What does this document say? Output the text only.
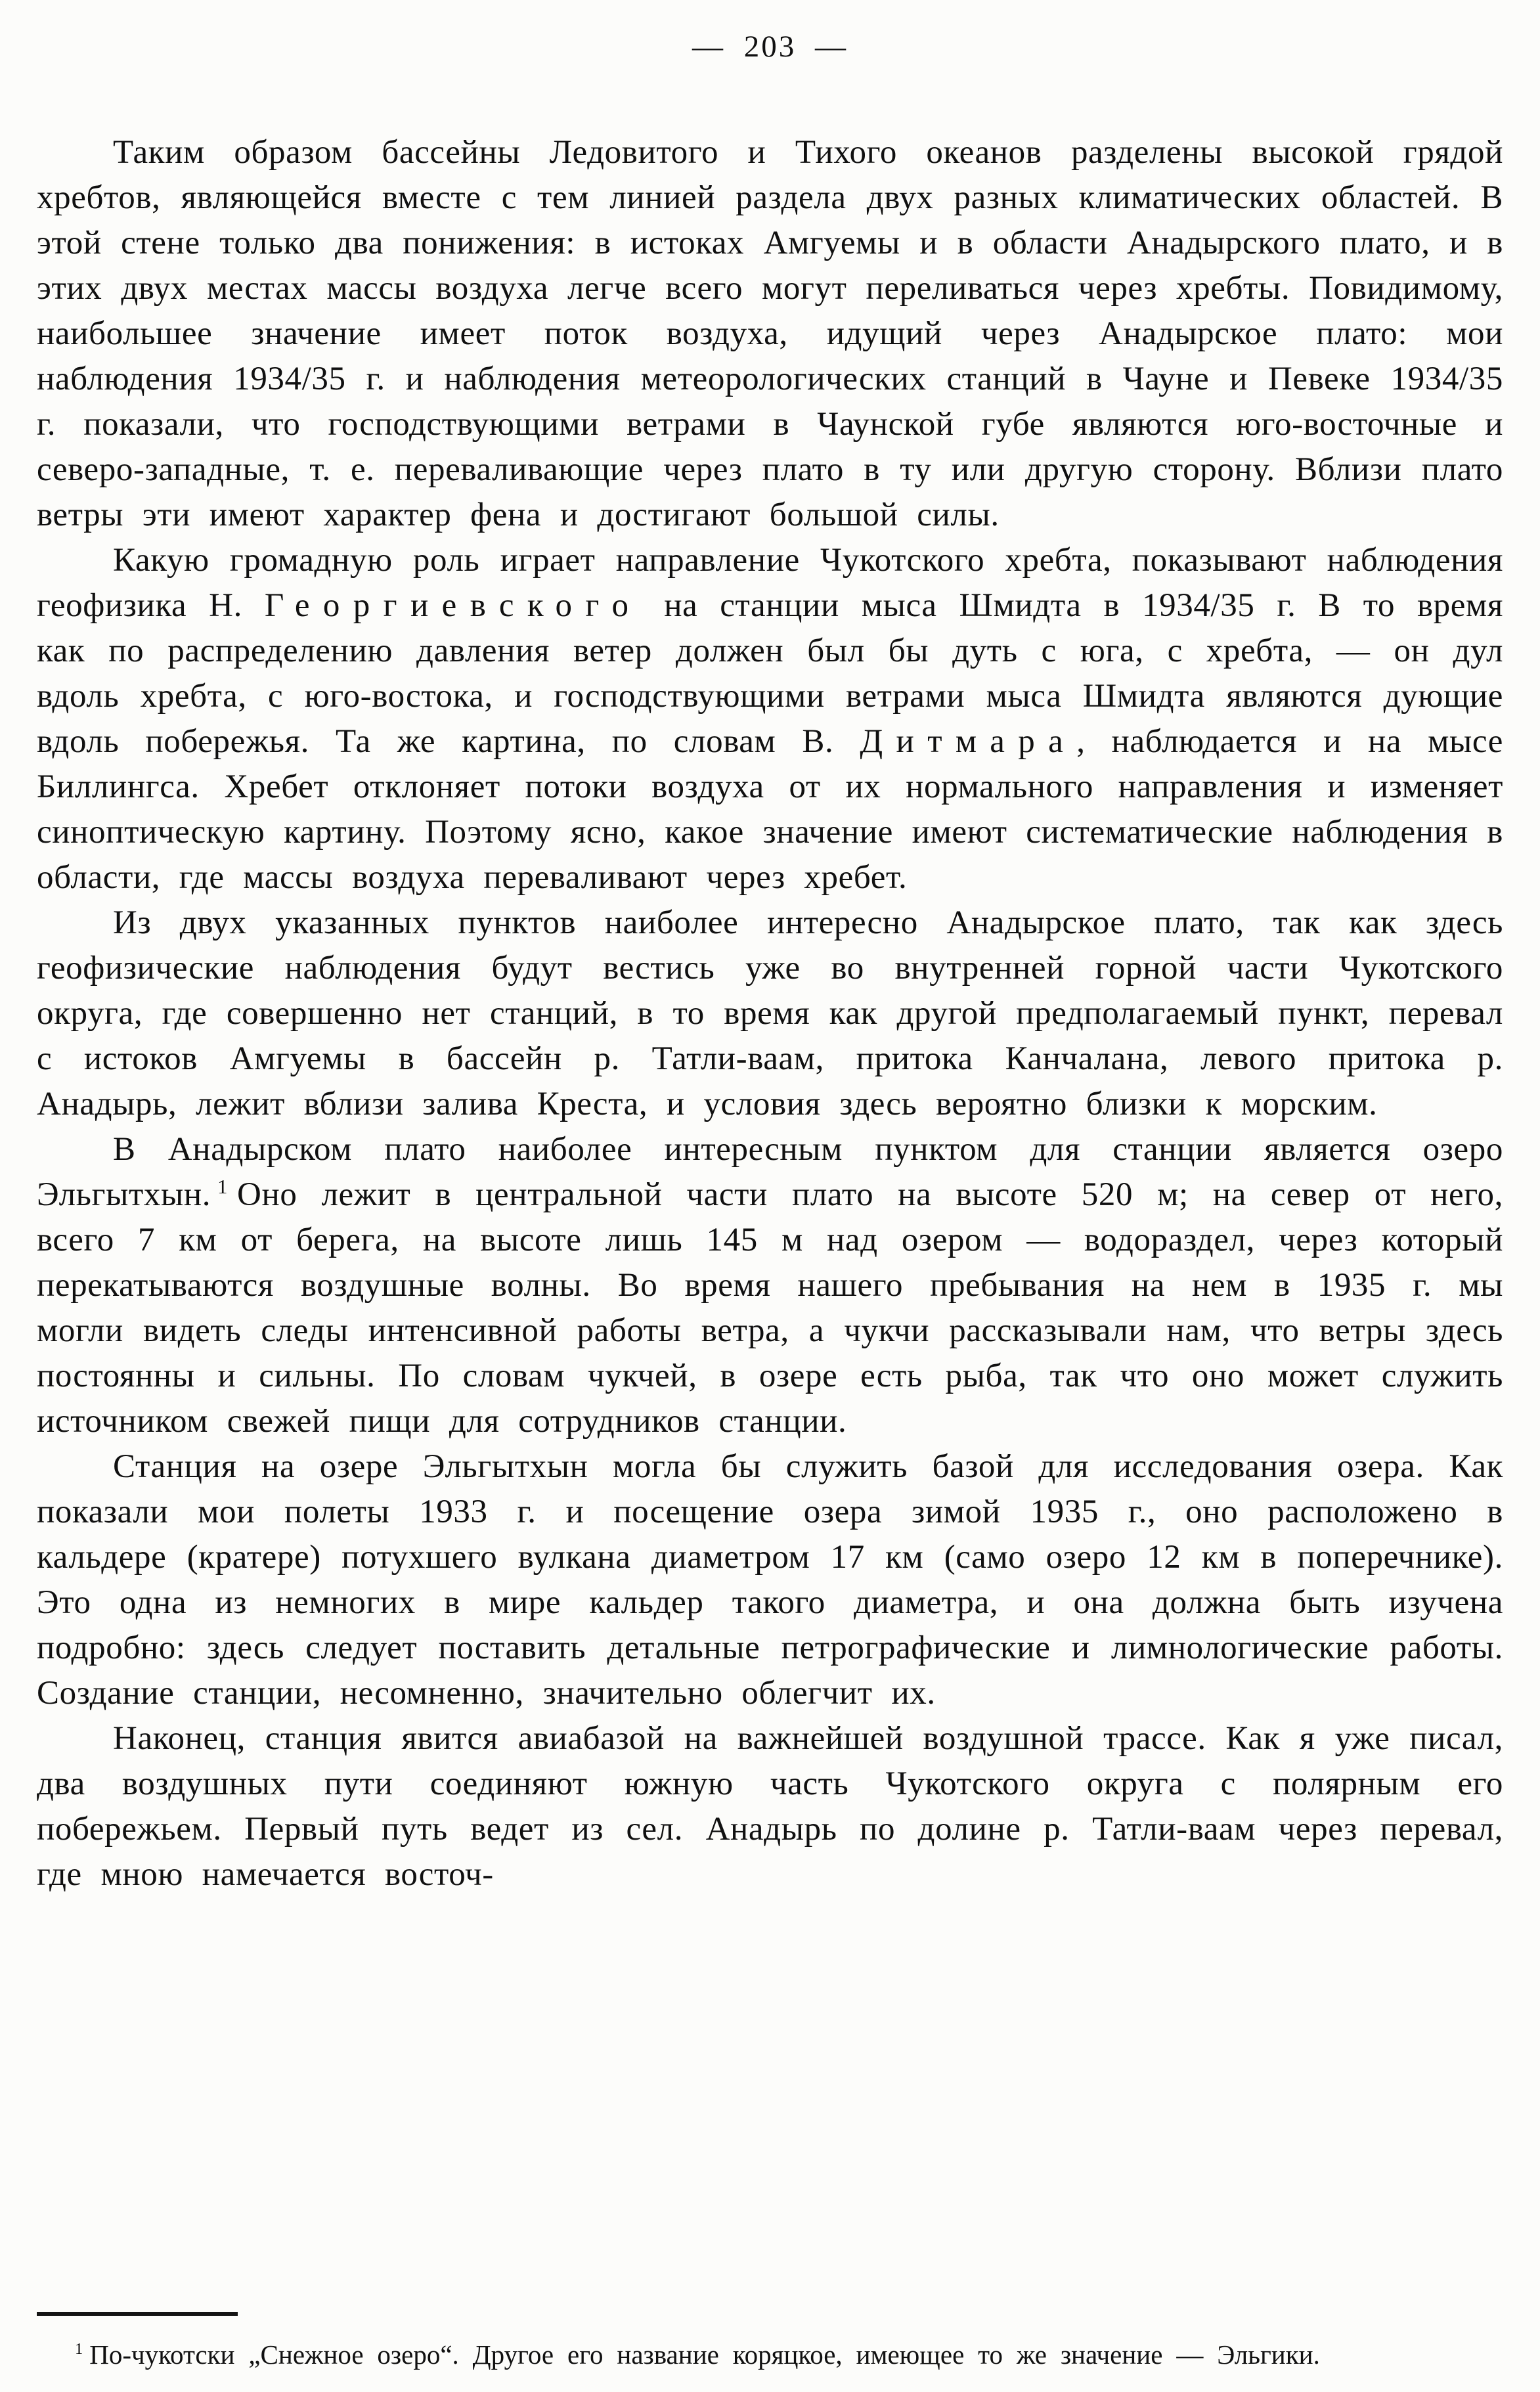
— 203 —

Таким образом бассейны Ледовитого и Тихого океанов разделены высокой грядой хребтов, являющейся вместе с тем линией раздела двух разных климатических областей. В этой стене только два понижения: в истоках Амгуемы и в области Анадырского плато, и в этих двух местах массы воздуха легче всего могут переливаться через хребты. Повидимому, наибольшее значение имеет поток воздуха, идущий через Анадырское плато: мои наблюдения 1934/35 г. и наблюдения метеорологических станций в Чауне и Певеке 1934/35 г. показали, что господствующими ветрами в Чаунской губе являются юго-восточные и северо-западные, т. е. переваливающие через плато в ту или другую сторону. Вблизи плато ветры эти имеют характер фена и достигают большой силы.

Какую громадную роль играет направление Чукотского хребта, показывают наблюдения геофизика Н. Георгиевского на станции мыса Шмидта в 1934/35 г. В то время как по распределению давления ветер должен был бы дуть с юга, с хребта, — он дул вдоль хребта, с юго-востока, и господствующими ветрами мыса Шмидта являются дующие вдоль побережья. Та же картина, по словам В. Дитмара, наблюдается и на мысе Биллингса. Хребет отклоняет потоки воздуха от их нормального направления и изменяет синоптическую картину. Поэтому ясно, какое значение имеют систематические наблюдения в области, где массы воздуха переваливают через хребет.

Из двух указанных пунктов наиболее интересно Анадырское плато, так как здесь геофизические наблюдения будут вестись уже во внутренней горной части Чукотского округа, где совершенно нет станций, в то время как другой предполагаемый пункт, перевал с истоков Амгуемы в бассейн р. Татли-ваам, притока Канчалана, левого притока р. Анадырь, лежит вблизи залива Креста, и условия здесь вероятно близки к морским.

В Анадырском плато наиболее интересным пунктом для станции является озеро Эльгытхын. $^1$ Оно лежит в центральной части плато на высоте 520 м; на север от него, всего 7 км от берега, на высоте лишь 145 м над озером — водораздел, через который перекатываются воздушные волны. Во время нашего пребывания на нем в 1935 г. мы могли видеть следы интенсивной работы ветра, а чукчи рассказывали нам, что ветры здесь постоянны и сильны. По словам чукчей, в озере есть рыба, так что оно может служить источником свежей пищи для сотрудников станции.

Станция на озере Эльгытхын могла бы служить базой для исследования озера. Как показали мои полеты 1933 г. и посещение озера зимой 1935 г., оно расположено в кальдере (кратере) потухшего вулкана диаметром 17 км (само озеро 12 км в поперечнике). Это одна из немногих в мире кальдер такого диаметра, и она должна быть изучена подробно: здесь следует поставить детальные петрографические и лимнологические работы. Создание станции, несомненно, значительно облегчит их.

Наконец, станция явится авиабазой на важнейшей воздушной трассе. Как я уже писал, два воздушных пути соединяют южную часть Чукотского округа с полярным его побережьем. Первый путь ведет из сел. Анадырь по долине р. Татли-ваам через перевал, где мною намечается восточ-

$^1$ По-чукотски „Снежное озеро“. Другое его название коряцкое, имеющее то же значение — Эльгики.
